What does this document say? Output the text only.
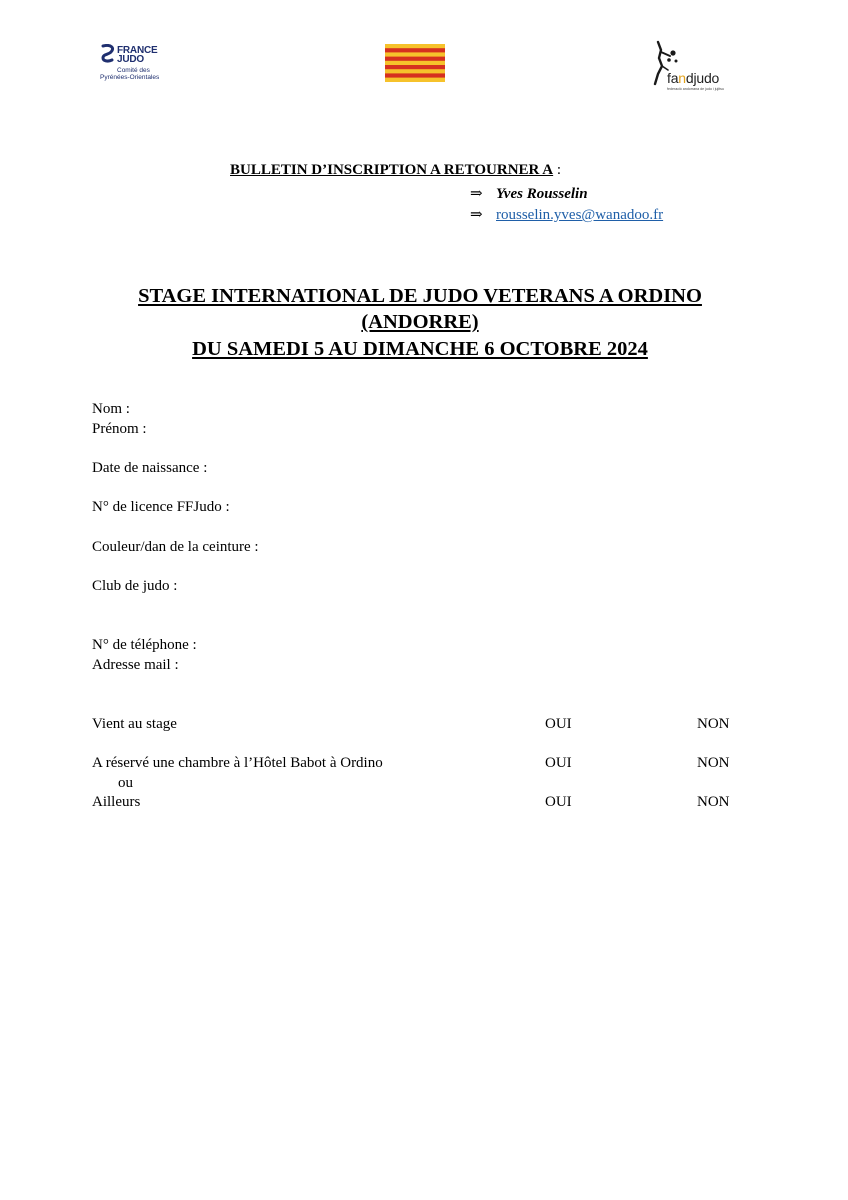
FRANCE
JUDO
Comité des
Pyrénées-Orientales	fandjudo
federació andorrana de judo i jujitsu
BULLETIN D’INSCRIPTION A RETOURNER A :
⇒ Yves Rousselin
⇒ rousselin.yves@wanadoo.fr
STAGE INTERNATIONAL DE JUDO VETERANS A ORDINO
(ANDORRE)
DU SAMEDI 5 AU DIMANCHE 6 OCTOBRE 2024
Nom :
Prénom :
Date de naissance :
N° de licence FFJudo :
Couleur/dan de la ceinture :
Club de judo :
N° de téléphone :
Adresse mail :
Vient au stage	OUI	NON
A réservé une chambre à l’Hôtel Babot à Ordino	OUI	NON
ou
Ailleurs	OUI	NON
